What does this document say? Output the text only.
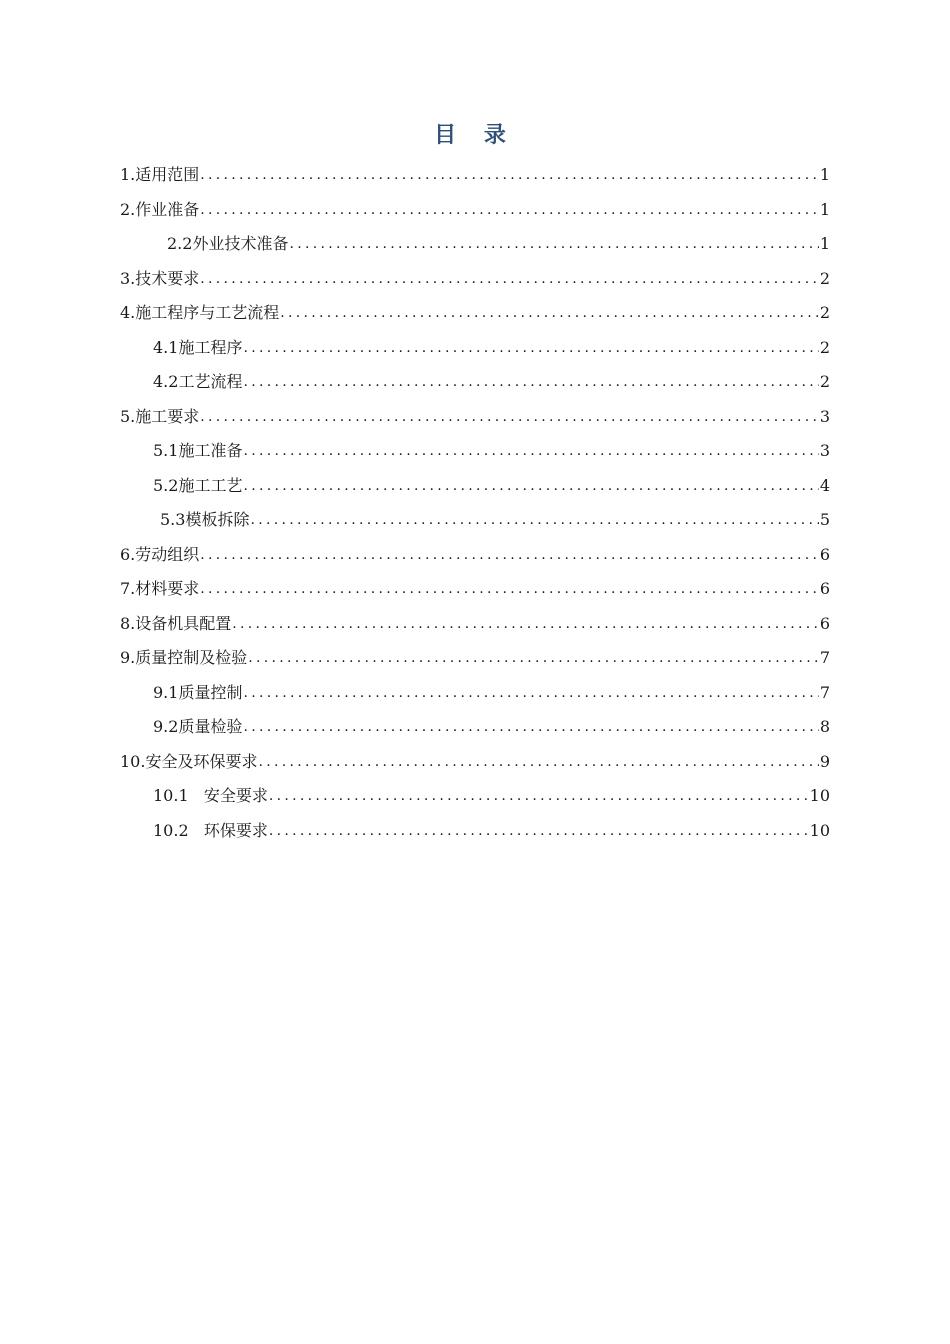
目 录
1.适用范围 .....	1
2.作业准备 .....	1
2.2外业技术准备 .....	1
3.技术要求 .....	2
4.施工程序与工艺流程 .....	2
4.1施工程序 .....	2
4.2工艺流程 .....	2
5.施工要求 .....	3
5.1施工准备 .....	3
5.2施工工艺 .....	4
5.3模板拆除 .....	5
6.劳动组织 .....	6
7.材料要求 .....	6
8.设备机具配置 .....	6
9.质量控制及检验 .....	7
9.1质量控制 .....	7
9.2质量检验 .....	8
10.安全及环保要求 .....	9
10.1   安全要求 .....	10
10.2   环保要求 .....	10
